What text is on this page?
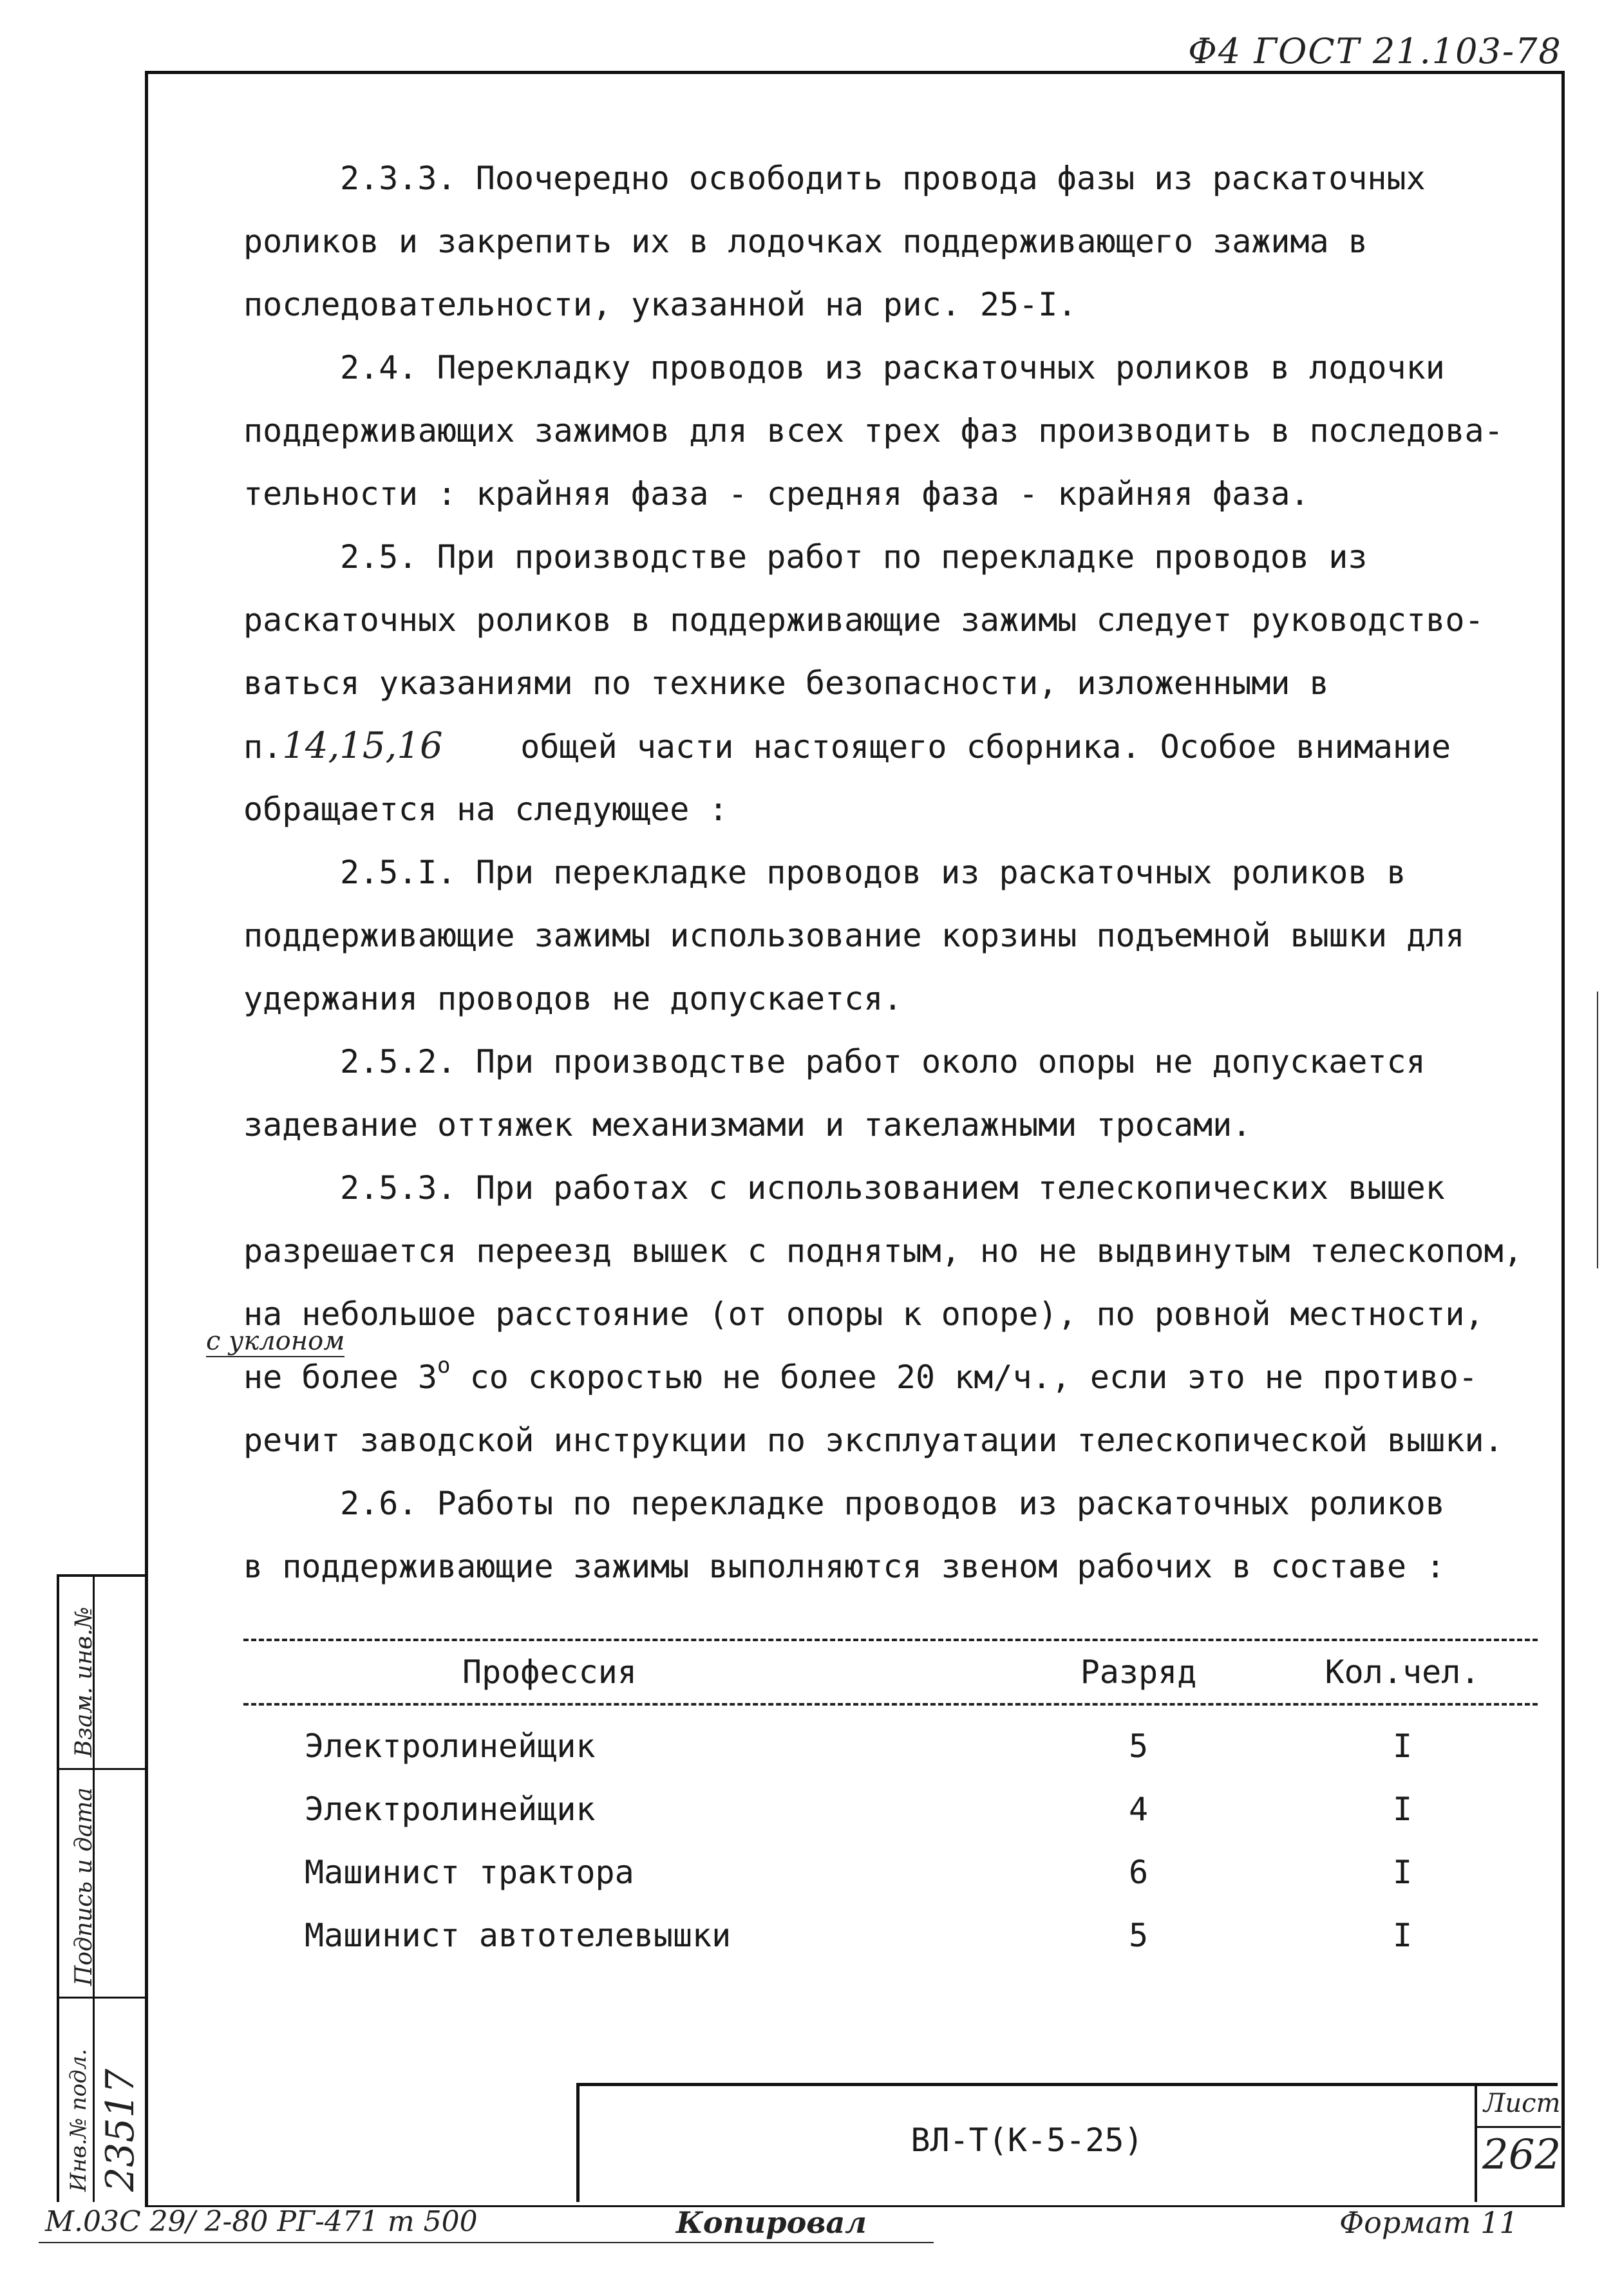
Ф4 ГОСТ 21.103-78
2.3.3. Поочередно освободить провода фазы из раскаточных
роликов и закрепить их в лодочках поддерживающего зажима в
последовательности, указанной на рис. 25-I.
2.4. Перекладку проводов из раскаточных роликов в лодочки
поддерживающих зажимов для всех трех фаз производить в последова-
тельности : крайняя фаза - средняя фаза - крайняя фаза.
2.5. При производстве работ по перекладке проводов из
раскаточных роликов в поддерживающие зажимы следует руководство-
ваться указаниями по технике безопасности, изложенными в
п.14,15,16 общей части настоящего сборника. Особое внимание
обращается на следующее :
2.5.I. При перекладке проводов из раскаточных роликов в
поддерживающие зажимы использование корзины подъемной вышки для
удержания проводов не допускается.
2.5.2. При производстве работ около опоры не допускается
задевание оттяжек механизмами и такелажными тросами.
2.5.3. При работах с использованием телескопических вышек
разрешается переезд вышек с поднятым, но не выдвинутым телескопом,
на небольшое расстояние (от опоры к опоре), по ровной местности,
не более 3$^o$ со скоростью не более 20 км/ч., если это не противо-
речит заводской инструкции по эксплуатации телескопической вышки.
2.6. Работы по перекладке проводов из раскаточных роликов
в поддерживающие зажимы выполняются звеном рабочих в составе :
с уклоном
Профессия	Разряд	Кол.чел.
Электролинейщик	5	I
Электролинейщик	4	I
Машинист трактора	6	I
Машинист автотелевышки	5	I
ВЛ-Т(К-5-25)
Лист
262
Взам. инв.№
Подпись и дата
Инв.№ подл. 23517
М.03С 29/ 2-80 РГ-471 т 500	Копировал	Формат 11
